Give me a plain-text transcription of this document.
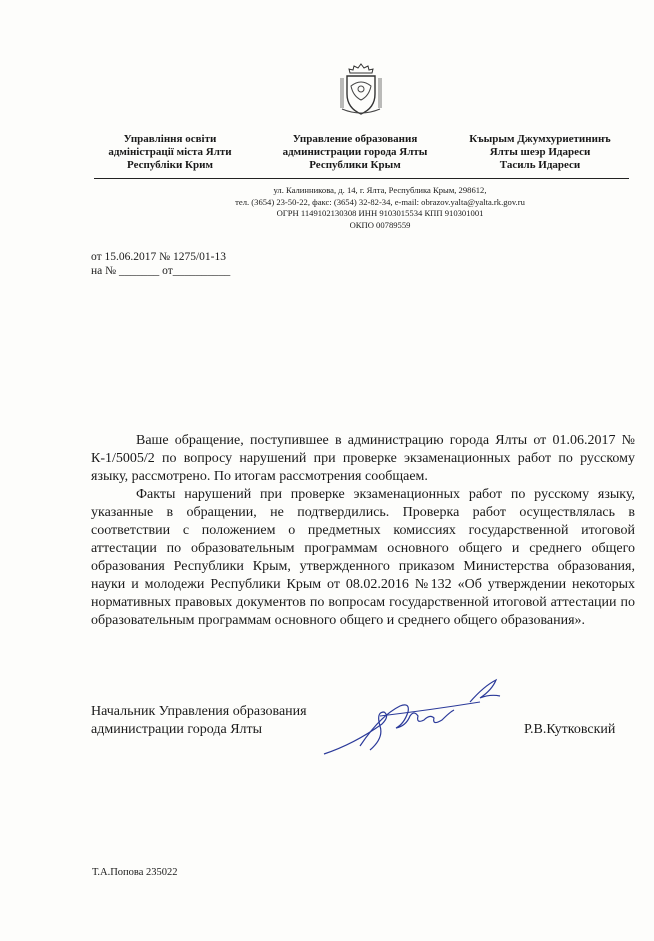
Управління освіти
адміністрації міста Ялти
Республіки Крим
Управление образования
администрации города Ялты
Республики Крым
Къырым Джумхуриетининъ
Ялты шеэр Идареси
Тасиль Идареси
ул. Калинникова, д. 14, г. Ялта, Республика Крым, 298612,
тел. (3654) 23-50-22, факс: (3654) 32-82-34, e-mail: obrazov.yalta@yalta.rk.gov.ru
ОГРН 1149102130308 ИНН 9103015534 КПП 910301001
ОКПО 00789559
от 15.06.2017 № 1275/01-13
на № _______ от__________
Ваше обращение, поступившее в администрацию города Ялты от 01.06.2017 № К-1/5005/2 по вопросу нарушений при проверке экзаменационных работ по русскому языку, рассмотрено. По итогам рассмотрения сообщаем.
Факты нарушений при проверке экзаменационных работ по русскому языку, указанные в обращении, не подтвердились. Проверка работ осуществлялась в соответствии с положением о предметных комиссиях государственной итоговой аттестации по образовательным программам основного общего и среднего общего образования Республики Крым, утвержденного приказом Министерства образования, науки и молодежи Республики Крым от 08.02.2016 №132 «Об утверждении некоторых нормативных правовых документов по вопросам государственной итоговой аттестации по образовательным программам основного общего и среднего общего образования».
Начальник Управления образования
администрации города Ялты	Р.В.Кутковский
Т.А.Попова 235022
